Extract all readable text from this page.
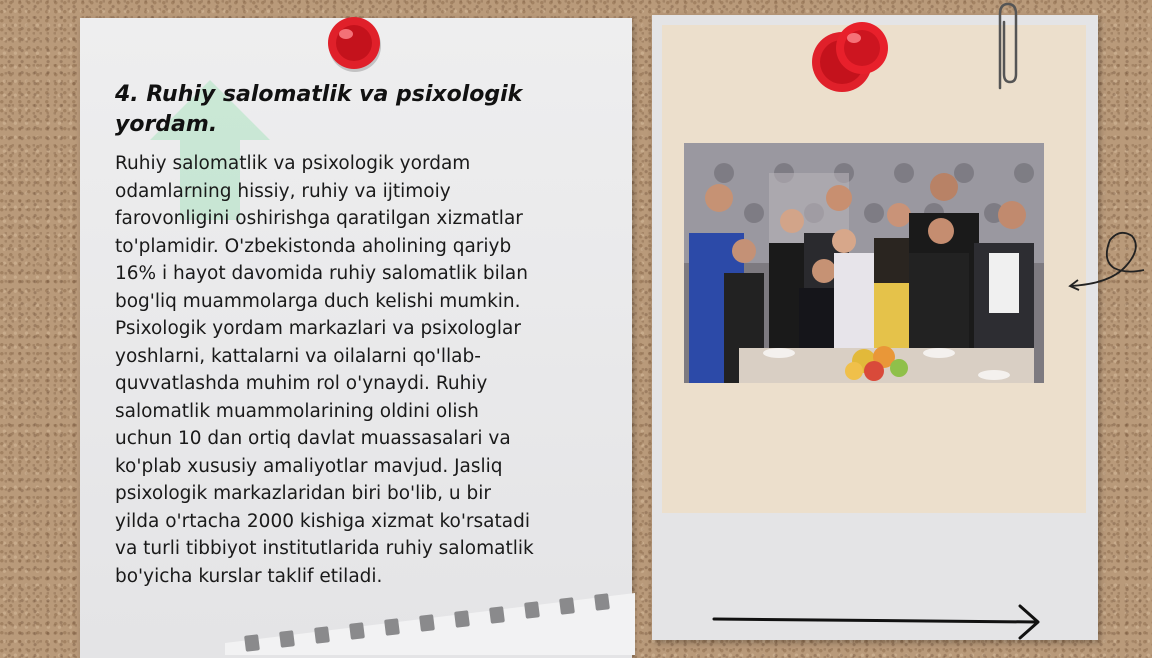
4. Ruhiy salomatlik va psixologik yordam.

Ruhiy salomatlik va psixologik yordam
odamlarning hissiy, ruhiy va ijtimoiy
farovonligini oshirishga qaratilgan xizmatlar
to'plamidir. O'zbekistonda aholining qariyb
16% i hayot davomida ruhiy salomatlik bilan
bog'liq muammolarga duch kelishi mumkin.
Psixologik yordam markazlari va psixologlar
yoshlarni, kattalarni va oilalarni qo'llab-
quvvatlashda muhim rol o'ynaydi. Ruhiy
salomatlik muammolarining oldini olish
uchun 10 dan ortiq davlat muassasalari va
ko'plab xususiy amaliyotlar mavjud. Jasliq
psixologik markazlaridan biri bo'lib, u bir
yilda o'rtacha 2000 kishiga xizmat ko'rsatadi
va turli tibbiyot institutlarida ruhiy salomatlik
bo'yicha kurslar taklif etiladi.
